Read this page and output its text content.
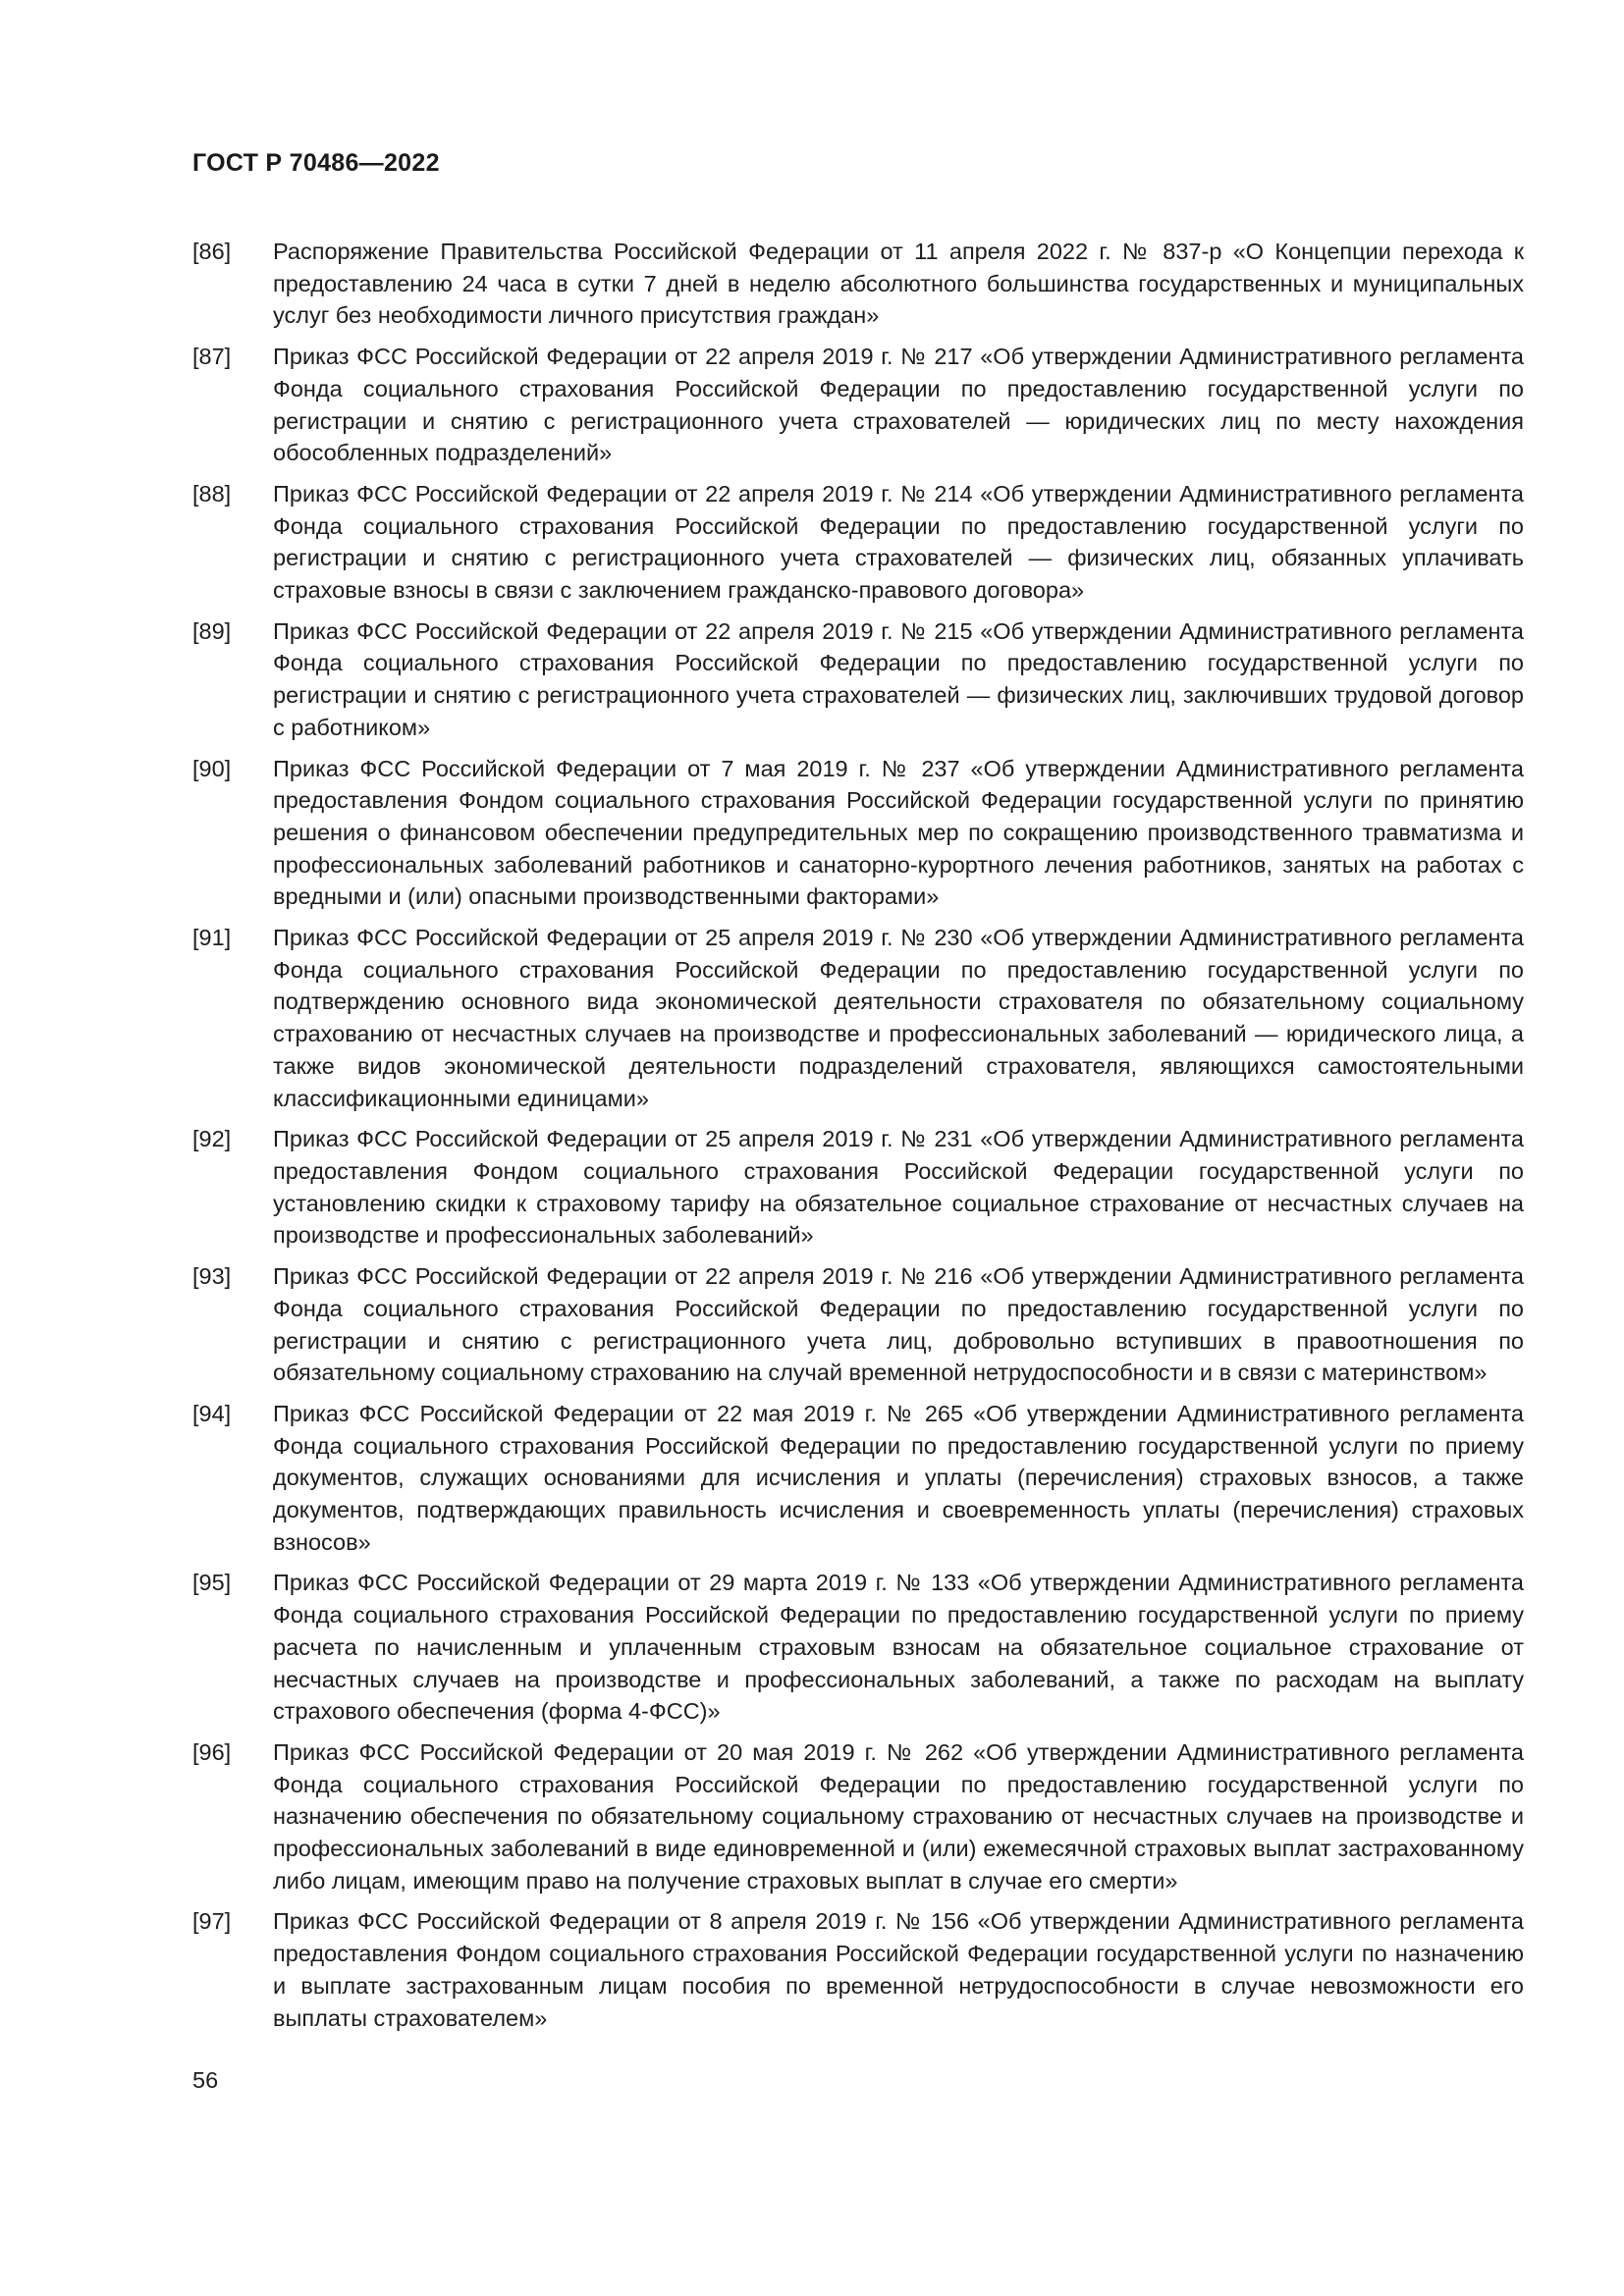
ГОСТ Р 70486—2022
[86]	Распоряжение Правительства Российской Федерации от 11 апреля 2022 г. № 837-р «О Концепции перехода к предоставлению 24 часа в сутки 7 дней в неделю абсолютного большинства государственных и муниципальных услуг без необходимости личного присутствия граждан»
[87]	Приказ ФСС Российской Федерации от 22 апреля 2019 г. № 217 «Об утверждении Административного регламента Фонда социального страхования Российской Федерации по предоставлению государственной услуги по регистрации и снятию с регистрационного учета страхователей — юридических лиц по месту нахождения обособленных подразделений»
[88]	Приказ ФСС Российской Федерации от 22 апреля 2019 г. № 214 «Об утверждении Административного регламента Фонда социального страхования Российской Федерации по предоставлению государственной услуги по регистрации и снятию с регистрационного учета страхователей — физических лиц, обязанных уплачивать страховые взносы в связи с заключением гражданско-правового договора»
[89]	Приказ ФСС Российской Федерации от 22 апреля 2019 г. № 215 «Об утверждении Административного регламента Фонда социального страхования Российской Федерации по предоставлению государственной услуги по регистрации и снятию с регистрационного учета страхователей — физических лиц, заключивших трудовой договор с работником»
[90]	Приказ ФСС Российской Федерации от 7 мая 2019 г. № 237 «Об утверждении Административного регламента предоставления Фондом социального страхования Российской Федерации государственной услуги по принятию решения о финансовом обеспечении предупредительных мер по сокращению производственного травматизма и профессиональных заболеваний работников и санаторно-курортного лечения работников, занятых на работах с вредными и (или) опасными производственными факторами»
[91]	Приказ ФСС Российской Федерации от 25 апреля 2019 г. № 230 «Об утверждении Административного регламента Фонда социального страхования Российской Федерации по предоставлению государственной услуги по подтверждению основного вида экономической деятельности страхователя по обязательному социальному страхованию от несчастных случаев на производстве и профессиональных заболеваний — юридического лица, а также видов экономической деятельности подразделений страхователя, являющихся самостоятельными классификационными единицами»
[92]	Приказ ФСС Российской Федерации от 25 апреля 2019 г. № 231 «Об утверждении Административного регламента предоставления Фондом социального страхования Российской Федерации государственной услуги по установлению скидки к страховому тарифу на обязательное социальное страхование от несчастных случаев на производстве и профессиональных заболеваний»
[93]	Приказ ФСС Российской Федерации от 22 апреля 2019 г. № 216 «Об утверждении Административного регламента Фонда социального страхования Российской Федерации по предоставлению государственной услуги по регистрации и снятию с регистрационного учета лиц, добровольно вступивших в правоотношения по обязательному социальному страхованию на случай временной нетрудоспособности и в связи с материнством»
[94]	Приказ ФСС Российской Федерации от 22 мая 2019 г. № 265 «Об утверждении Административного регламента Фонда социального страхования Российской Федерации по предоставлению государственной услуги по приему документов, служащих основаниями для исчисления и уплаты (перечисления) страховых взносов, а также документов, подтверждающих правильность исчисления и своевременность уплаты (перечисления) страховых взносов»
[95]	Приказ ФСС Российской Федерации от 29 марта 2019 г. № 133 «Об утверждении Административного регламента Фонда социального страхования Российской Федерации по предоставлению государственной услуги по приему расчета по начисленным и уплаченным страховым взносам на обязательное социальное страхование от несчастных случаев на производстве и профессиональных заболеваний, а также по расходам на выплату страхового обеспечения (форма 4-ФСС)»
[96]	Приказ ФСС Российской Федерации от 20 мая 2019 г. № 262 «Об утверждении Административного регламента Фонда социального страхования Российской Федерации по предоставлению государственной услуги по назначению обеспечения по обязательному социальному страхованию от несчастных случаев на производстве и профессиональных заболеваний в виде единовременной и (или) ежемесячной страховых выплат застрахованному либо лицам, имеющим право на получение страховых выплат в случае его смерти»
[97]	Приказ ФСС Российской Федерации от 8 апреля 2019 г. № 156 «Об утверждении Административного регламента предоставления Фондом социального страхования Российской Федерации государственной услуги по назначению и выплате застрахованным лицам пособия по временной нетрудоспособности в случае невозможности его выплаты страхователем»
56
